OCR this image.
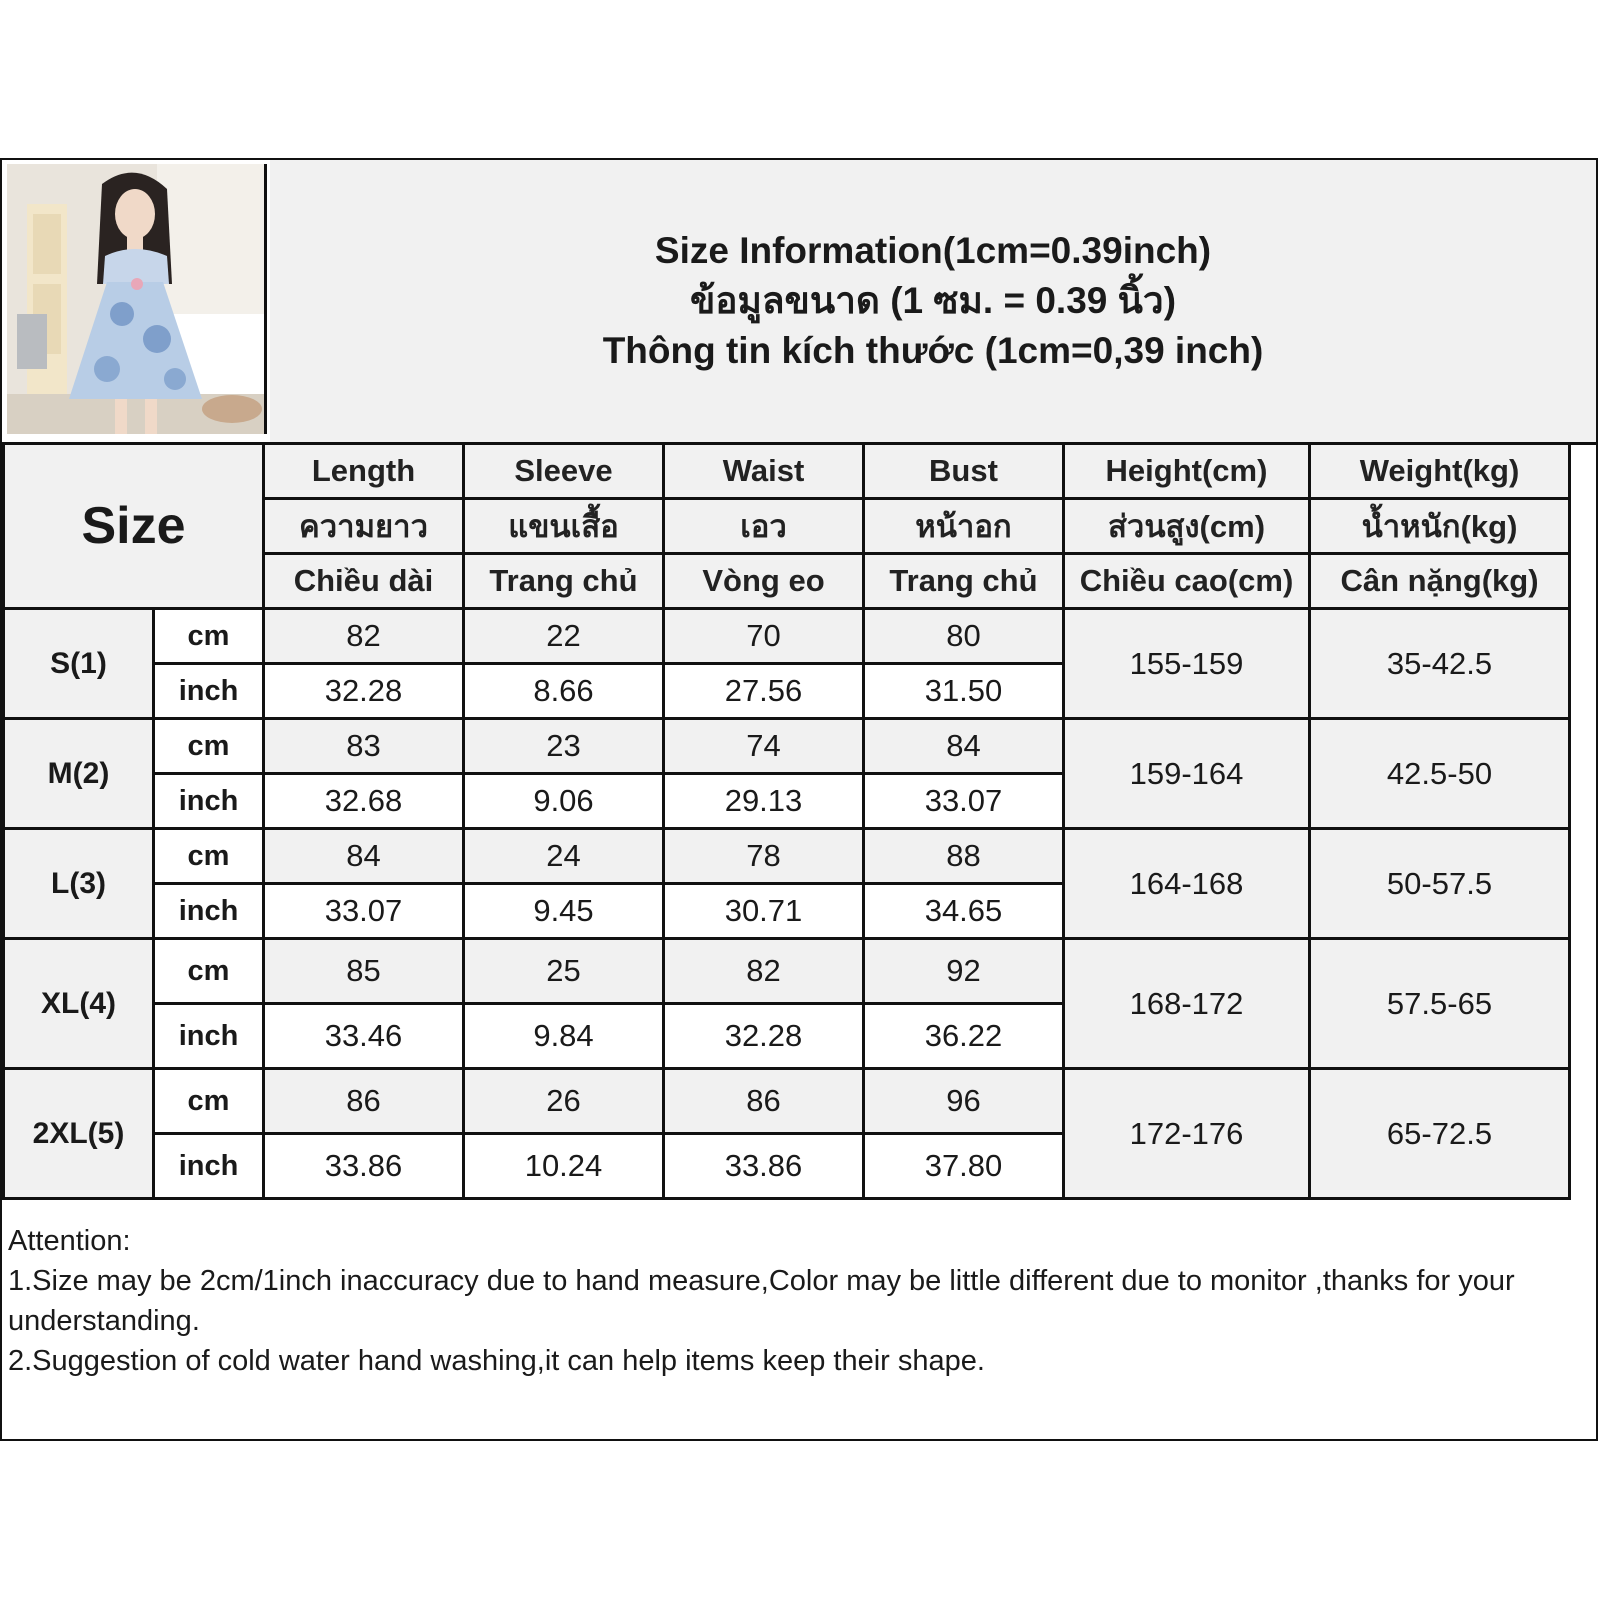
Size Information(1cm=0.39inch)
ข้อมูลขนาด (1 ซม. = 0.39 นิ้ว)
Thông tin kích thước (1cm=0,39 inch)
Size		Length	Sleeve	Waist	Bust	Height(cm)	Weight(kg)
		ความยาว	แขนเสื้อ	เอว	หน้าอก	ส่วนสูง(cm)	น้ำหนัก(kg)
		Chiều dài	Trang chủ	Vòng eo	Trang chủ	Chiều cao(cm)	Cân nặng(kg)
S(1)	cm	82	22	70	80	155-159	35-42.5
	inch	32.28	8.66	27.56	31.50		
M(2)	cm	83	23	74	84	159-164	42.5-50
	inch	32.68	9.06	29.13	33.07		
L(3)	cm	84	24	78	88	164-168	50-57.5
	inch	33.07	9.45	30.71	34.65		
XL(4)	cm	85	25	82	92	168-172	57.5-65
	inch	33.46	9.84	32.28	36.22		
2XL(5)	cm	86	26	86	96	172-176	65-72.5
	inch	33.86	10.24	33.86	37.80		
Attention:
1.Size may be 2cm/1inch inaccuracy due to hand measure,Color may be little different due to monitor ,thanks for your understanding.
2.Suggestion of cold water hand washing,it can help items keep their shape.
